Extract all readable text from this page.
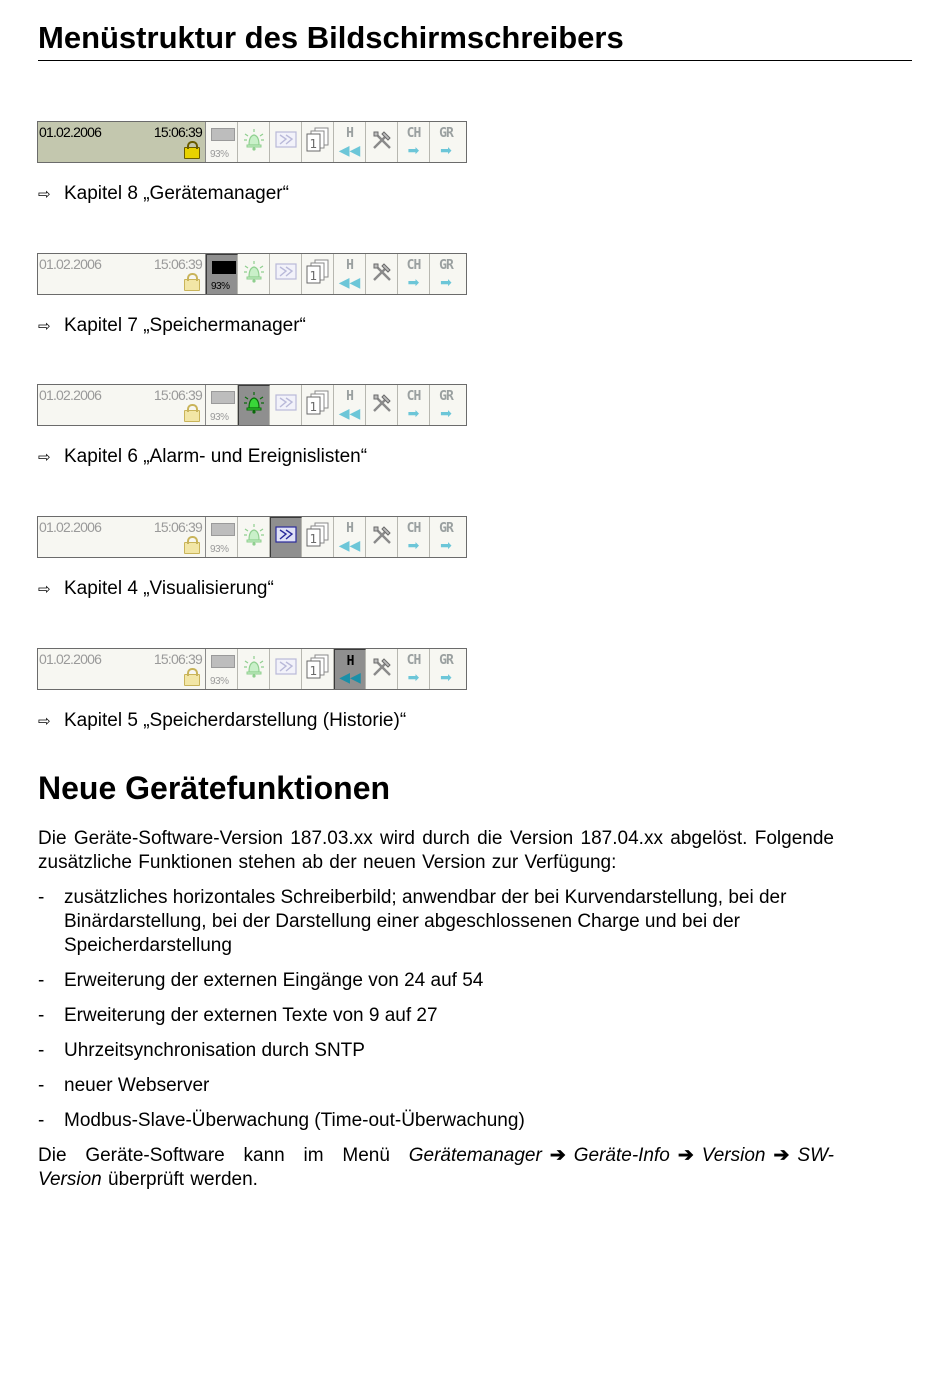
Menüstruktur des Bildschirmschreibers
01.02.2006	15:06:39
93%
1
H
◀◀
CH
➡
GR
➡
⇨ Kapitel 8 „Gerätemanager“
01.02.2006	15:06:39
93%
1
H
◀◀
CH
➡
GR
➡
⇨ Kapitel 7 „Speichermanager“
01.02.2006	15:06:39
93%
1
H
◀◀
CH
➡
GR
➡
⇨ Kapitel 6 „Alarm- und Ereignislisten“
01.02.2006	15:06:39
93%
1
H
◀◀
CH
➡
GR
➡
⇨ Kapitel 4 „Visualisierung“
01.02.2006	15:06:39
93%
1
H
◀◀
CH
➡
GR
➡
⇨ Kapitel 5 „Speicherdarstellung (Historie)“
Neue Gerätefunktionen

Die Geräte-Software-Version 187.03.xx wird durch die Version 187.04.xx abgelöst. Folgende zusätzliche Funktionen stehen ab der neuen Version zur Verfügung:

- zusätzliches horizontales Schreiberbild; anwendbar der bei Kurvendarstellung, bei der Binärdarstellung, bei der Darstellung einer abgeschlossenen Charge und bei der Speicherdarstellung
- Erweiterung der externen Eingänge von 24 auf 54
- Erweiterung der externen Texte von 9 auf 27
- Uhrzeitsynchronisation durch SNTP
- neuer Webserver
- Modbus-Slave-Überwachung (Time-out-Überwachung)

Die Geräte-Software kann im Menü Gerätemanager ➔ Geräte-Info ➔ Version ➔ SW-Version überprüft werden.
